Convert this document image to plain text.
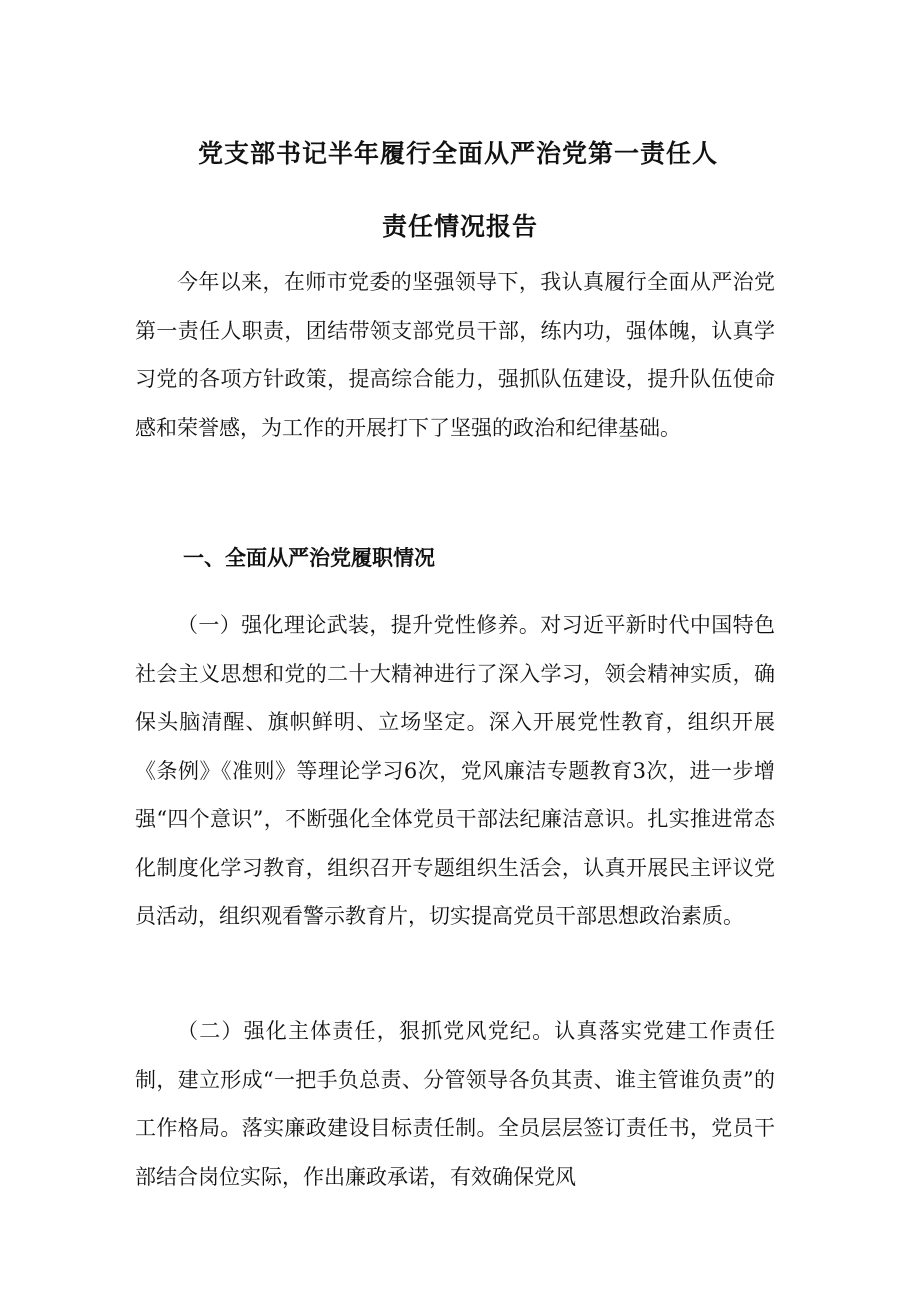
党支部书记半年履行全面从严治党第一责任人
责任情况报告

今年以来，在师市党委的坚强领导下，我认真履行全面从严治党第一责任人职责，团结带领支部党员干部，练内功，强体魄，认真学习党的各项方针政策，提高综合能力，强抓队伍建设，提升队伍使命感和荣誉感，为工作的开展打下了坚强的政治和纪律基础。

一、全面从严治党履职情况

（一）强化理论武装，提升党性修养。对习近平新时代中国特色社会主义思想和党的二十大精神进行了深入学习，领会精神实质，确保头脑清醒、旗帜鲜明、立场坚定。深入开展党性教育，组织开展《条例》《准则》等理论学习6次，党风廉洁专题教育3次，进一步增强“四个意识”，不断强化全体党员干部法纪廉洁意识。扎实推进常态化制度化学习教育，组织召开专题组织生活会，认真开展民主评议党员活动，组织观看警示教育片，切实提高党员干部思想政治素质。

（二）强化主体责任，狠抓党风党纪。认真落实党建工作责任制，建立形成“一把手负总责、分管领导各负其责、谁主管谁负责”的工作格局。落实廉政建设目标责任制。全员层层签订责任书，党员干部结合岗位实际，作出廉政承诺，有效确保党风
